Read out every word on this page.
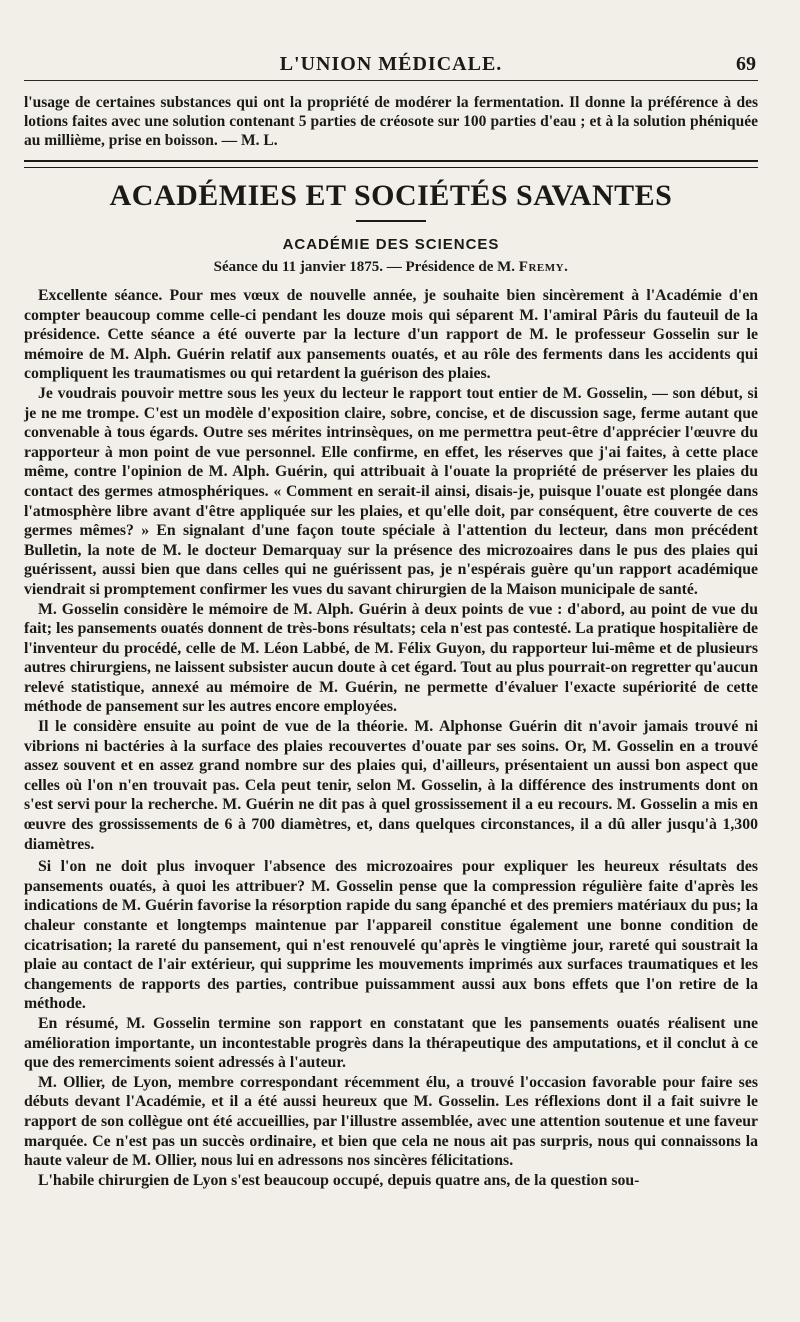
L'UNION MÉDICALE.	69

l'usage de certaines substances qui ont la propriété de modérer la fermentation. Il donne la préférence à des lotions faites avec une solution contenant 5 parties de créosote sur 100 parties d'eau ; et à la solution phéniquée au millième, prise en boisson. — M. L.

ACADÉMIES ET SOCIÉTÉS SAVANTES
ACADÉMIE DES SCIENCES
Séance du 11 janvier 1875. — Présidence de M. Fremy.

Excellente séance. Pour mes vœux de nouvelle année, je souhaite bien sincèrement à l'Académie d'en compter beaucoup comme celle-ci pendant les douze mois qui séparent M. l'amiral Pâris du fauteuil de la présidence. Cette séance a été ouverte par la lecture d'un rapport de M. le professeur Gosselin sur le mémoire de M. Alph. Guérin relatif aux pansements ouatés, et au rôle des ferments dans les accidents qui compliquent les traumatismes ou qui retardent la guérison des plaies.

Je voudrais pouvoir mettre sous les yeux du lecteur le rapport tout entier de M. Gosselin, — son début, si je ne me trompe. C'est un modèle d'exposition claire, sobre, concise, et de discussion sage, ferme autant que convenable à tous égards. Outre ses mérites intrinsèques, on me permettra peut-être d'apprécier l'œuvre du rapporteur à mon point de vue personnel. Elle confirme, en effet, les réserves que j'ai faites, à cette place même, contre l'opinion de M. Alph. Guérin, qui attribuait à l'ouate la propriété de préserver les plaies du contact des germes atmosphériques. « Comment en serait-il ainsi, disais-je, puisque l'ouate est plongée dans l'atmosphère libre avant d'être appliquée sur les plaies, et qu'elle doit, par conséquent, être couverte de ces germes mêmes? » En signalant d'une façon toute spéciale à l'attention du lecteur, dans mon précédent Bulletin, la note de M. le docteur Demarquay sur la présence des microzoaires dans le pus des plaies qui guérissent, aussi bien que dans celles qui ne guérissent pas, je n'espérais guère qu'un rapport académique viendrait si promptement confirmer les vues du savant chirurgien de la Maison municipale de santé.

M. Gosselin considère le mémoire de M. Alph. Guérin à deux points de vue : d'abord, au point de vue du fait; les pansements ouatés donnent de très-bons résultats; cela n'est pas contesté. La pratique hospitalière de l'inventeur du procédé, celle de M. Léon Labbé, de M. Félix Guyon, du rapporteur lui-même et de plusieurs autres chirurgiens, ne laissent subsister aucun doute à cet égard. Tout au plus pourrait-on regretter qu'aucun relevé statistique, annexé au mémoire de M. Guérin, ne permette d'évaluer l'exacte supériorité de cette méthode de pansement sur les autres encore employées.

Il le considère ensuite au point de vue de la théorie. M. Alphonse Guérin dit n'avoir jamais trouvé ni vibrions ni bactéries à la surface des plaies recouvertes d'ouate par ses soins. Or, M. Gosselin en a trouvé assez souvent et en assez grand nombre sur des plaies qui, d'ailleurs, présentaient un aussi bon aspect que celles où l'on n'en trouvait pas. Cela peut tenir, selon M. Gosselin, à la différence des instruments dont on s'est servi pour la recherche. M. Guérin ne dit pas à quel grossissement il a eu recours. M. Gosselin a mis en œuvre des grossissements de 6 à 700 diamètres, et, dans quelques circonstances, il a dû aller jusqu'à 1,300 diamètres.

Si l'on ne doit plus invoquer l'absence des microzoaires pour expliquer les heureux résultats des pansements ouatés, à quoi les attribuer? M. Gosselin pense que la compression régulière faite d'après les indications de M. Guérin favorise la résorption rapide du sang épanché et des premiers matériaux du pus; la chaleur constante et longtemps maintenue par l'appareil constitue également une bonne condition de cicatrisation; la rareté du pansement, qui n'est renouvelé qu'après le vingtième jour, rareté qui soustrait la plaie au contact de l'air extérieur, qui supprime les mouvements imprimés aux surfaces traumatiques et les changements de rapports des parties, contribue puissamment aussi aux bons effets que l'on retire de la méthode.

En résumé, M. Gosselin termine son rapport en constatant que les pansements ouatés réalisent une amélioration importante, un incontestable progrès dans la thérapeutique des amputations, et il conclut à ce que des remerciments soient adressés à l'auteur.

M. Ollier, de Lyon, membre correspondant récemment élu, a trouvé l'occasion favorable pour faire ses débuts devant l'Académie, et il a été aussi heureux que M. Gosselin. Les réflexions dont il a fait suivre le rapport de son collègue ont été accueillies, par l'illustre assemblée, avec une attention soutenue et une faveur marquée. Ce n'est pas un succès ordinaire, et bien que cela ne nous ait pas surpris, nous qui connaissons la haute valeur de M. Ollier, nous lui en adressons nos sincères félicitations.

L'habile chirurgien de Lyon s'est beaucoup occupé, depuis quatre ans, de la question sou-
